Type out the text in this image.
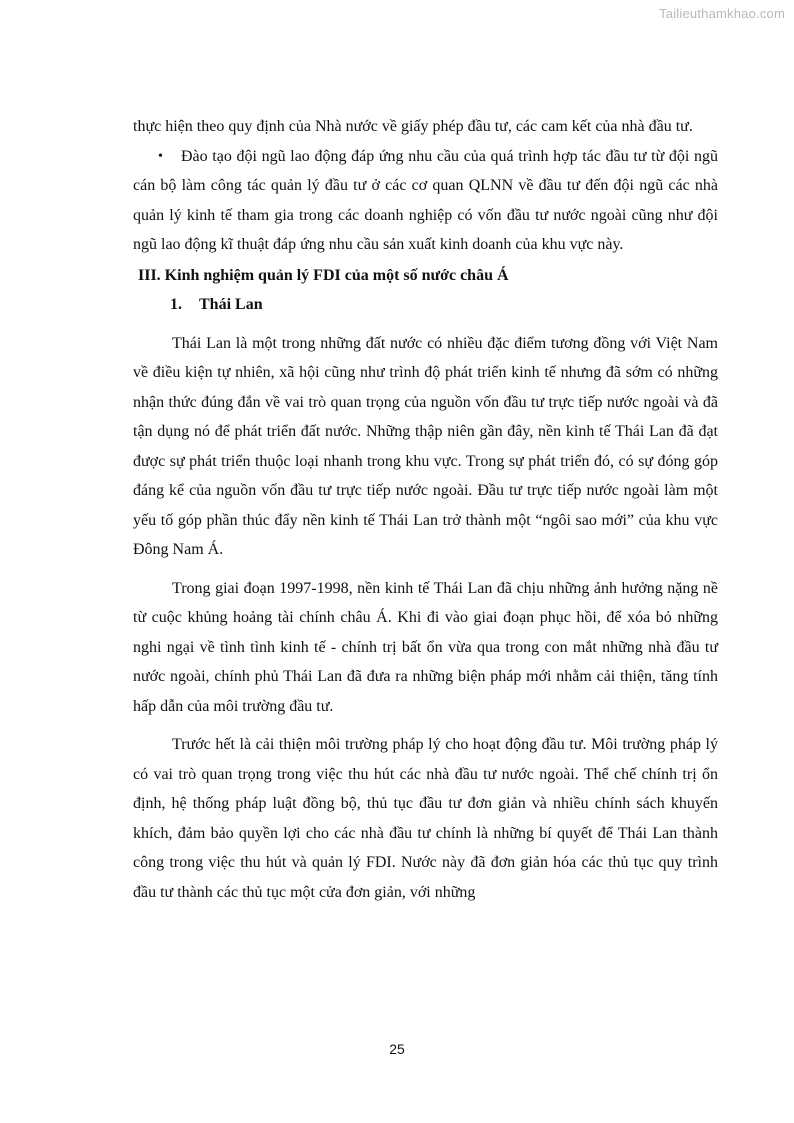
Tailieuthamkhao.com

thực hiện theo quy định của Nhà nước về giấy phép đầu tư, các cam kết của nhà đầu tư.

•	Đào tạo đội ngũ lao động đáp ứng nhu cầu của quá trình hợp tác đầu tư từ đội ngũ cán bộ làm công tác quản lý đầu tư ở các cơ quan QLNN về đầu tư đến đội ngũ các nhà quản lý kinh tế tham gia trong các doanh nghiệp có vốn đầu tư nước ngoài cũng như đội ngũ lao động kĩ thuật đáp ứng nhu cầu sản xuất kinh doanh của khu vực này.

III. Kinh nghiệm quản lý FDI của một số nước châu Á

1. Thái Lan

Thái Lan là một trong những đất nước có nhiều đặc điểm tương đồng với Việt Nam về điều kiện tự nhiên, xã hội cũng như trình độ phát triển kinh tế nhưng đã sớm có những nhận thức đúng đắn về vai trò quan trọng của nguồn vốn đầu tư trực tiếp nước ngoài và đã tận dụng nó để phát triển đất nước. Những thập niên gần đây, nền kinh tế Thái Lan đã đạt được sự phát triển thuộc loại nhanh trong khu vực. Trong sự phát triển đó, có sự đóng góp đáng kể của nguồn vốn đầu tư trực tiếp nước ngoài. Đầu tư trực tiếp nước ngoài làm một yếu tố góp phần thúc đẩy nền kinh tế Thái Lan trở thành một “ngôi sao mới” của khu vực Đông Nam Á.

Trong giai đoạn 1997-1998, nền kinh tế Thái Lan đã chịu những ảnh hưởng nặng nề từ cuộc khủng hoảng tài chính châu Á. Khi đi vào giai đoạn phục hồi, để xóa bỏ những nghi ngại về tình tình kinh tế - chính trị bất ổn vừa qua trong con mắt những nhà đầu tư nước ngoài, chính phủ Thái Lan đã đưa ra những biện pháp mới nhằm cải thiện, tăng tính hấp dẫn của môi trường đầu tư.

Trước hết là cải thiện môi trường pháp lý cho hoạt động đầu tư. Môi trường pháp lý có vai trò quan trọng trong việc thu hút các nhà đầu tư nước ngoài. Thể chế chính trị ổn định, hệ thống pháp luật đồng bộ, thủ tục đầu tư đơn giản và nhiều chính sách khuyến khích, đảm bảo quyền lợi cho các nhà đầu tư chính là những bí quyết để Thái Lan thành công trong việc thu hút và quản lý FDI. Nước này đã đơn giản hóa các thủ tục quy trình đầu tư thành các thủ tục một cửa đơn giản, với những

25
